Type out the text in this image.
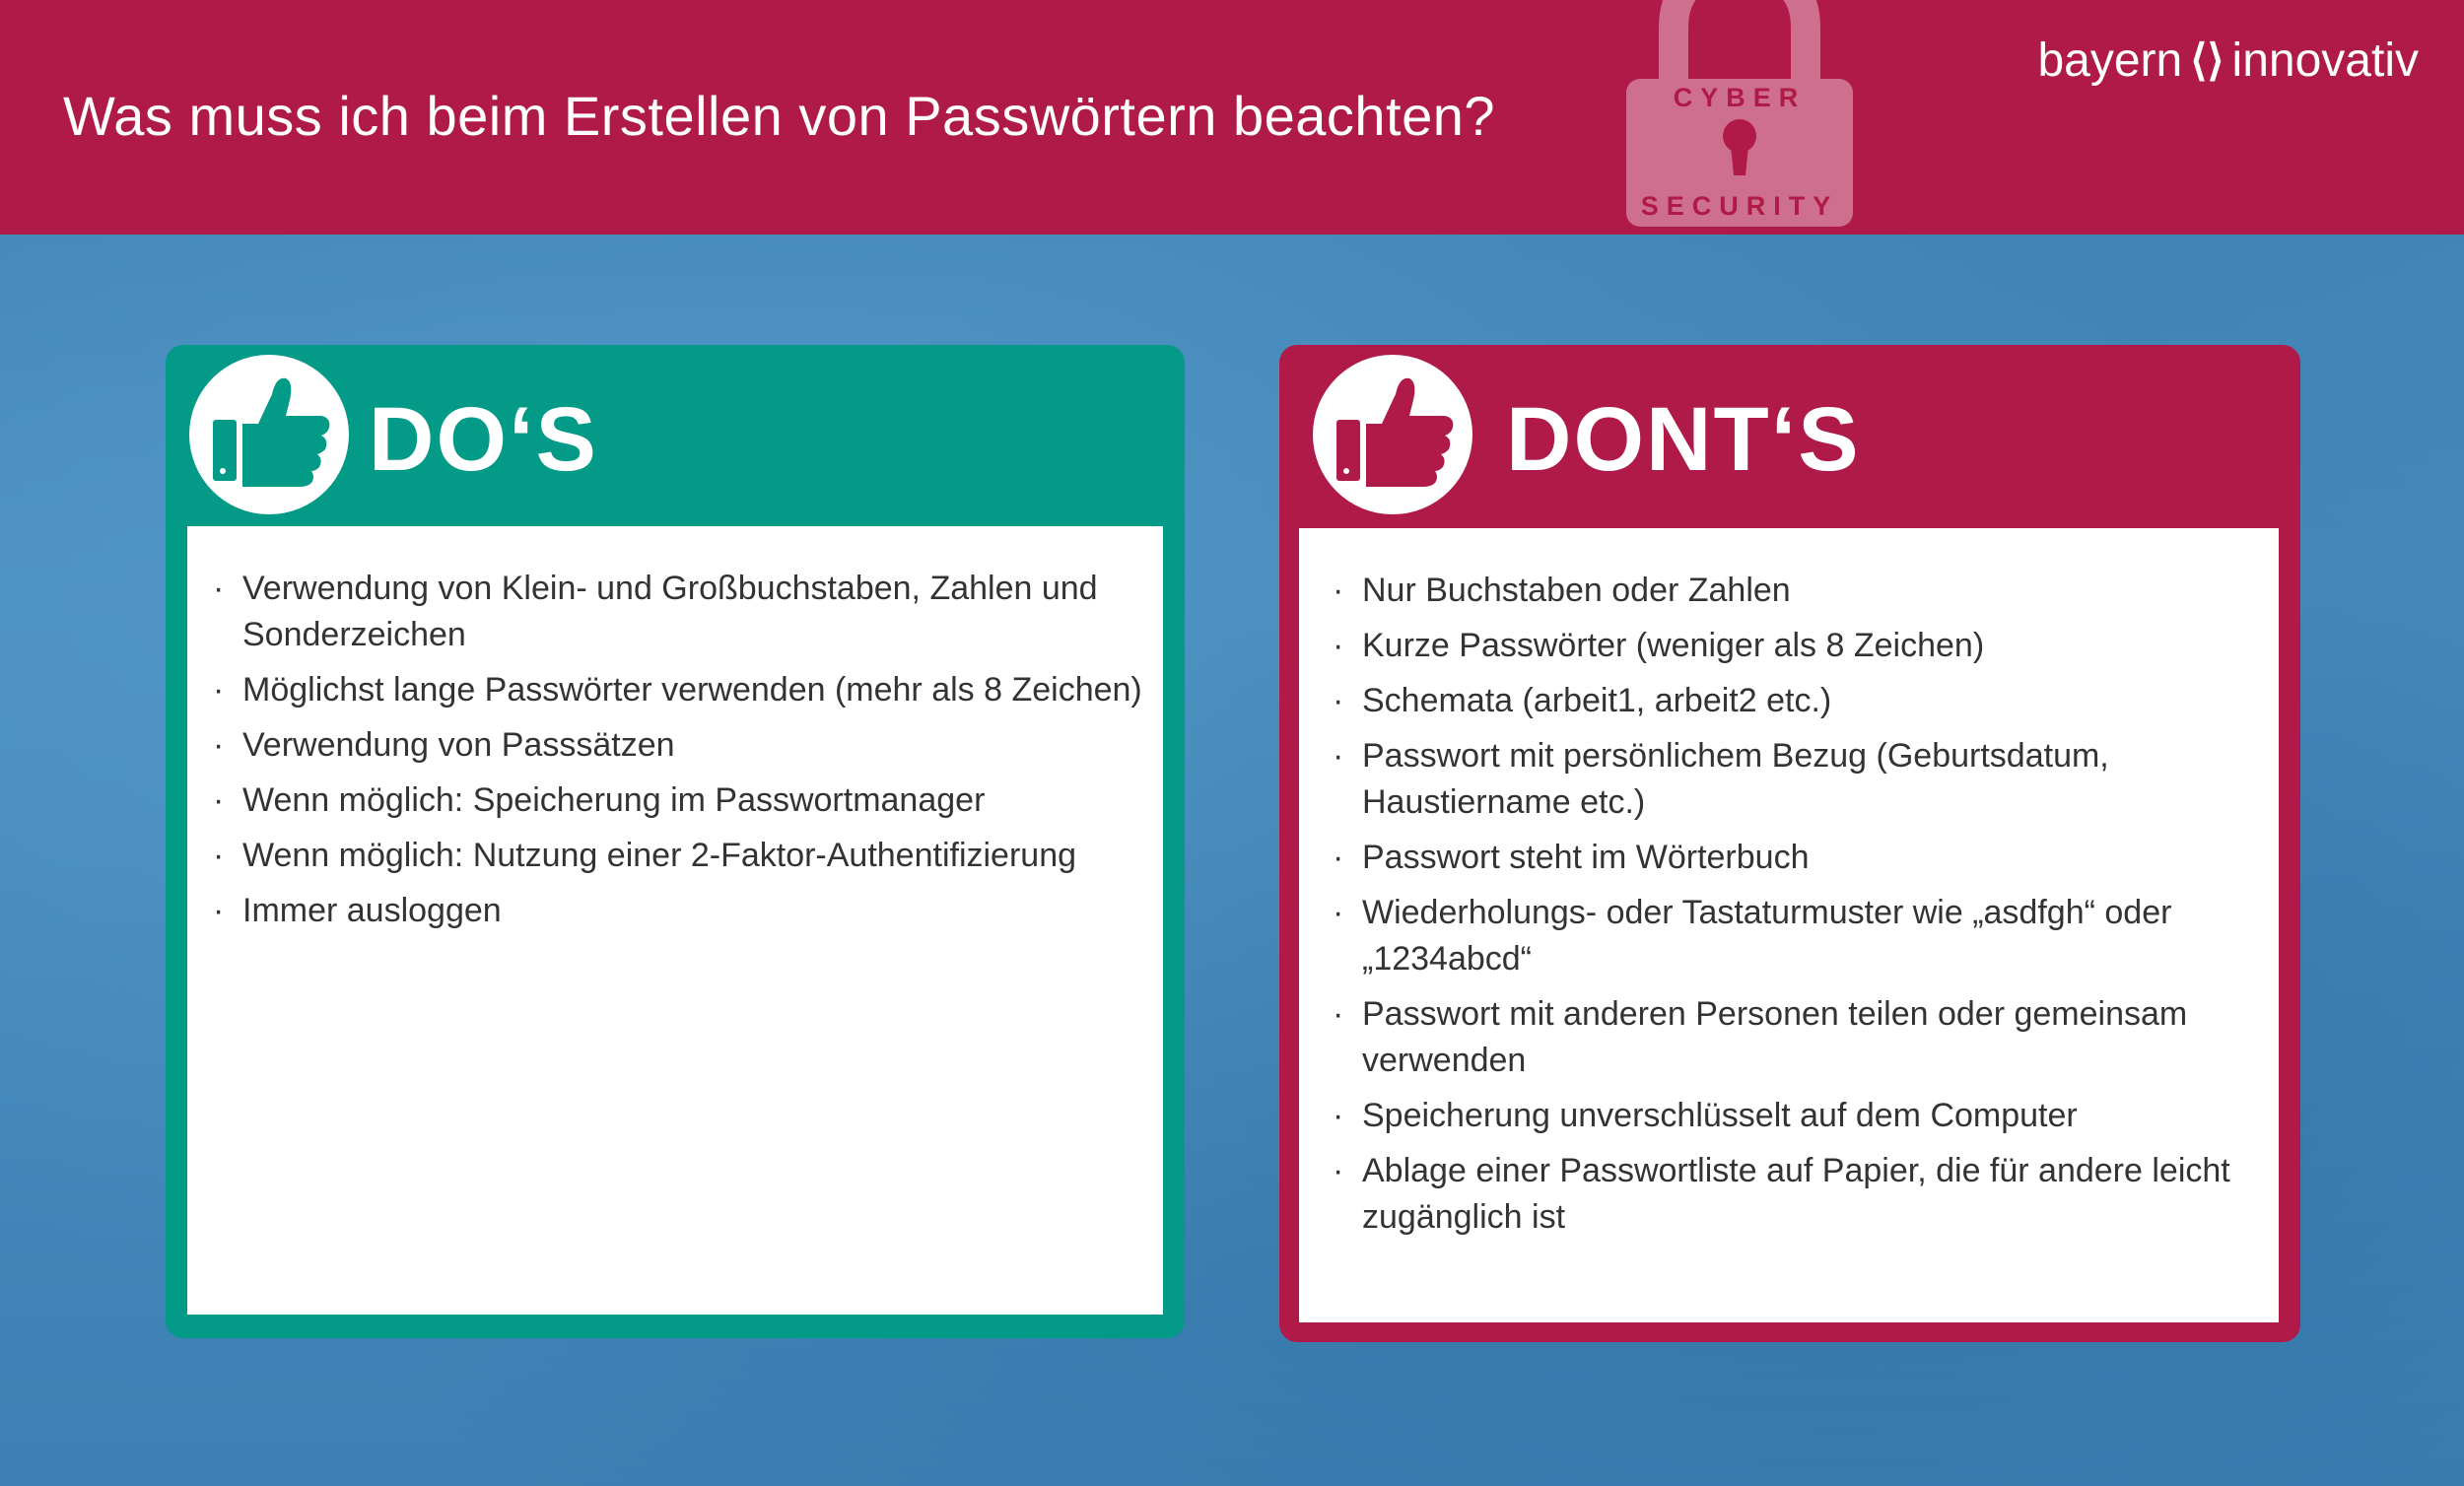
Was muss ich beim Erstellen von Passwörtern beachten?	CYBER
SECURITY
bayern ⟨⟩ innovativ
DO‘S
· Verwendung von Klein- und Großbuchstaben, Zahlen und Sonderzeichen
· Möglichst lange Passwörter verwenden (mehr als 8 Zeichen)
· Verwendung von Passsätzen
· Wenn möglich: Speicherung im Passwortmanager
· Wenn möglich: Nutzung einer 2-Faktor-Authentifizierung
· Immer ausloggen
DONT‘S
· Nur Buchstaben oder Zahlen
· Kurze Passwörter (weniger als 8 Zeichen)
· Schemata (arbeit1, arbeit2 etc.)
· Passwort mit persönlichem Bezug (Geburtsdatum, Haustiername etc.)
· Passwort steht im Wörterbuch
· Wiederholungs- oder Tastaturmuster wie „asdfgh“ oder „1234abcd“
· Passwort mit anderen Personen teilen oder gemeinsam verwenden
· Speicherung unverschlüsselt auf dem Computer
· Ablage einer Passwortliste auf Papier, die für andere leicht zugänglich ist
